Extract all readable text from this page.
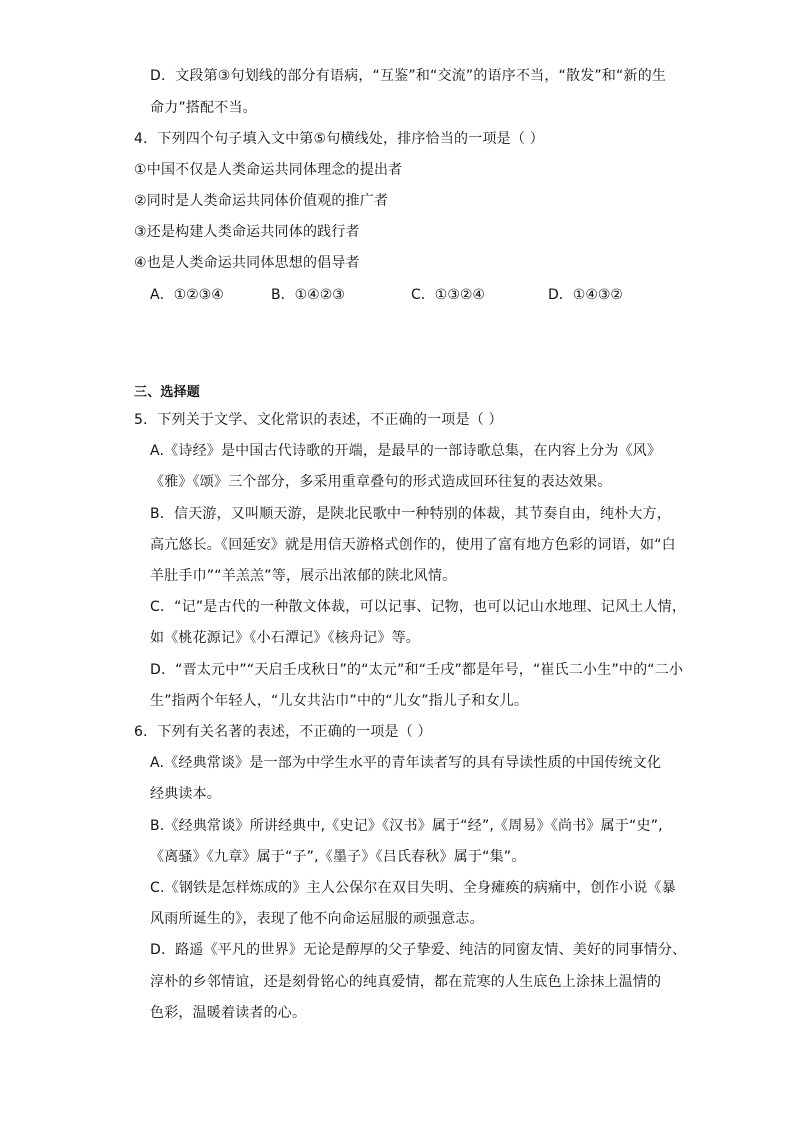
D．文段第③句划线的部分有语病，“互鉴”和“交流”的语序不当，“散发”和“新的生
命力”搭配不当。
4．下列四个句子填入文中第⑤句横线处，排序恰当的一项是（ ）
①中国不仅是人类命运共同体理念的提出者
②同时是人类命运共同体价值观的推广者
③还是构建人类命运共同体的践行者
④也是人类命运共同体思想的倡导者
A．①②③④	B．①④②③	C．①③②④	D．①④③②
三、选择题
5．下列关于文学、文化常识的表述，不正确的一项是（ ）
A.《诗经》是中国古代诗歌的开端，是最早的一部诗歌总集，在内容上分为《风》
《雅》《颂》三个部分，多采用重章叠句的形式造成回环往复的表达效果。
B．信天游，又叫顺天游，是陕北民歌中一种特别的体裁，其节奏自由，纯朴大方，
高亢悠长。《回延安》就是用信天游格式创作的，使用了富有地方色彩的词语，如“白
羊肚手巾”“羊羔羔”等，展示出浓郁的陕北风情。
C．“记”是古代的一种散文体裁，可以记事、记物，也可以记山水地理、记风土人情，
如《桃花源记》《小石潭记》《核舟记》等。
D．“晋太元中”“天启壬戌秋日”的“太元”和“壬戌”都是年号，“崔氏二小生”中的“二小
生”指两个年轻人，“儿女共沾巾”中的“儿女”指儿子和女儿。
6．下列有关名著的表述，不正确的一项是（ ）
A.《经典常谈》是一部为中学生水平的青年读者写的具有导读性质的中国传统文化
经典读本。
B.《经典常谈》所讲经典中,《史记》《汉书》属于“经”,《周易》《尚书》属于“史”,
《离骚》《九章》属于“子”,《墨子》《吕氏春秋》属于“集”。
C.《钢铁是怎样炼成的》主人公保尔在双目失明、全身瘫痪的病痛中，创作小说《暴
风雨所诞生的》，表现了他不向命运屈服的顽强意志。
D．路遥《平凡的世界》无论是醇厚的父子挚爱、纯洁的同窗友情、美好的同事情分、
淳朴的乡邻情谊，还是刻骨铭心的纯真爱情，都在荒寒的人生底色上涂抹上温情的
色彩，温暖着读者的心。
